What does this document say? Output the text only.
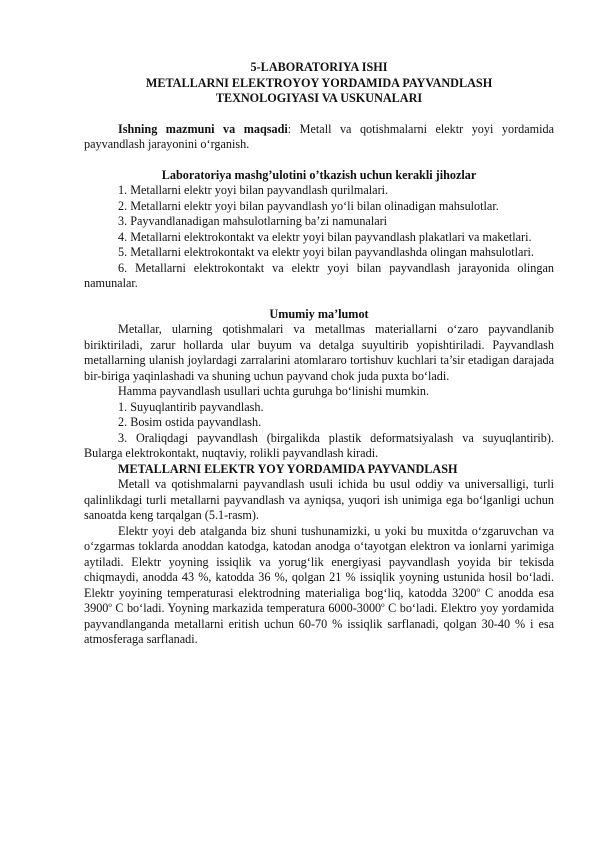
5-LABORATORIYA ISHI
METALLARNI ELEKTROYOY YORDAMIDA PAYVANDLASH
TEXNOLOGIYASI VA USKUNALARI

Ishning mazmuni va maqsadi: Metall va qotishmalarni elektr yoyi yordamida payvandlash jarayonini o‘rganish.

Laboratoriya mashg’ulotini o’tkazish uchun kerakli jihozlar

1. Metallarni elektr yoyi bilan payvandlash qurilmalari.

2. Metallarni elektr yoyi bilan payvandlash yo‘li bilan olinadigan mahsulotlar.

3. Payvandlanadigan mahsulotlarning ba’zi namunalari

4. Metallarni elektrokontakt va elektr yoyi bilan payvandlash plakatlari va maketlari.

5. Metallarni elektrokontakt va elektr yoyi bilan payvandlashda olingan mahsulotlari.

6. Metallarni elektrokontakt va elektr yoyi bilan payvandlash jarayonida olingan namunalar.

Umumiy ma’lumot

Metallar, ularning qotishmalari va metallmas materiallarni o‘zaro payvandlanib biriktiriladi, zarur hollarda ular buyum va detalga suyultirib yopishtiriladi. Payvandlash metallarning ulanish joylardagi zarralarini atomlararo tortishuv kuchlari ta’sir etadigan darajada bir-biriga yaqinlashadi va shuning uchun payvand chok juda puxta bo‘ladi.

Hamma payvandlash usullari uchta guruhga bo‘linishi mumkin.

1. Suyuqlantirib payvandlash.

2. Bosim ostida payvandlash.

3. Oraliqdagi payvandlash (birgalikda plastik deformatsiyalash va suyuqlantirib). Bularga elektrokontakt, nuqtaviy, rolikli payvandlash kiradi.

METALLARNI ELEKTR YOY YORDAMIDA PAYVANDLASH

Metall va qotishmalarni payvandlash usuli ichida bu usul oddiy va universalligi, turli qalinlikdagi turli metallarni payvandlash va ayniqsa, yuqori ish unimiga ega bo‘lganligi uchun sanoatda keng tarqalgan (5.1-rasm).

Elektr yoyi deb atalganda biz shuni tushunamizki, u yoki bu muxitda o‘zgaruvchan va o‘zgarmas toklarda anoddan katodga, katodan anodga o‘tayotgan elektron va ionlarni yarimiga aytiladi. Elektr yoyning issiqlik va yorug‘lik energiyasi payvandlash yoyida bir tekisda chiqmaydi, anodda 43 %, katodda 36 %, qolgan 21 % issiqlik yoyning ustunida hosil bo‘ladi. Elektr yoyining temperaturasi elektrodning materialiga bog‘liq, katodda 3200$^o$ C anodda esa 3900$^o$ C bo‘ladi. Yoyning markazida temperatura 6000-3000$^o$ C bo‘ladi. Elektro yoy yordamida payvandlanganda metallarni eritish uchun 60-70 % issiqlik sarflanadi, qolgan 30-40 % i esa atmosferaga sarflanadi.
